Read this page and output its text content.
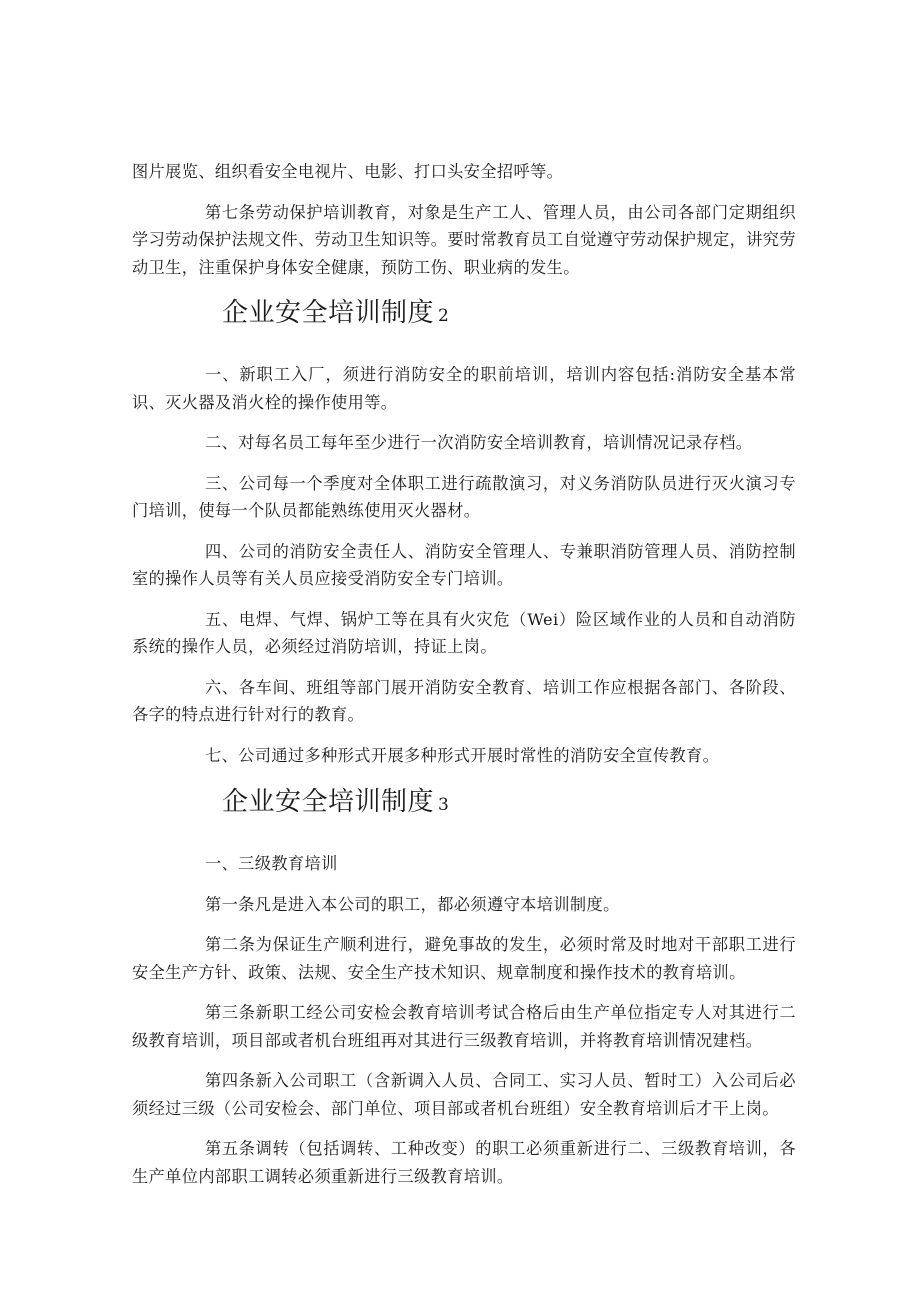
图片展览、组织看安全电视片、电影、打口头安全招呼等。

第七条劳动保护培训教育，对象是生产工人、管理人员，由公司各部门定期组织学习劳动保护法规文件、劳动卫生知识等。要时常教育员工自觉遵守劳动保护规定，讲究劳动卫生，注重保护身体安全健康，预防工伤、职业病的发生。

企业安全培训制度 2

一、新职工入厂，须进行消防安全的职前培训，培训内容包括:消防安全基本常识、灭火器及消火栓的操作使用等。

二、对每名员工每年至少进行一次消防安全培训教育，培训情况记录存档。

三、公司每一个季度对全体职工进行疏散演习，对义务消防队员进行灭火演习专门培训，使每一个队员都能熟练使用灭火器材。

四、公司的消防安全责任人、消防安全管理人、专兼职消防管理人员、消防控制室的操作人员等有关人员应接受消防安全专门培训。

五、电焊、气焊、锅炉工等在具有火灾危（Wei）险区域作业的人员和自动消防系统的操作人员，必须经过消防培训，持证上岗。

六、各车间、班组等部门展开消防安全教育、培训工作应根据各部门、各阶段、各字的特点进行针对行的教育。

七、公司通过多种形式开展多种形式开展时常性的消防安全宣传教育。

企业安全培训制度 3

一、三级教育培训

第一条凡是进入本公司的职工，都必须遵守本培训制度。

第二条为保证生产顺利进行，避免事故的发生，必须时常及时地对干部职工进行安全生产方针、政策、法规、安全生产技术知识、规章制度和操作技术的教育培训。

第三条新职工经公司安检会教育培训考试合格后由生产单位指定专人对其进行二级教育培训，项目部或者机台班组再对其进行三级教育培训，并将教育培训情况建档。

第四条新入公司职工（含新调入人员、合同工、实习人员、暂时工）入公司后必须经过三级（公司安检会、部门单位、项目部或者机台班组）安全教育培训后才干上岗。

第五条调转（包括调转、工种改变）的职工必须重新进行二、三级教育培训，各生产单位内部职工调转必须重新进行三级教育培训。
